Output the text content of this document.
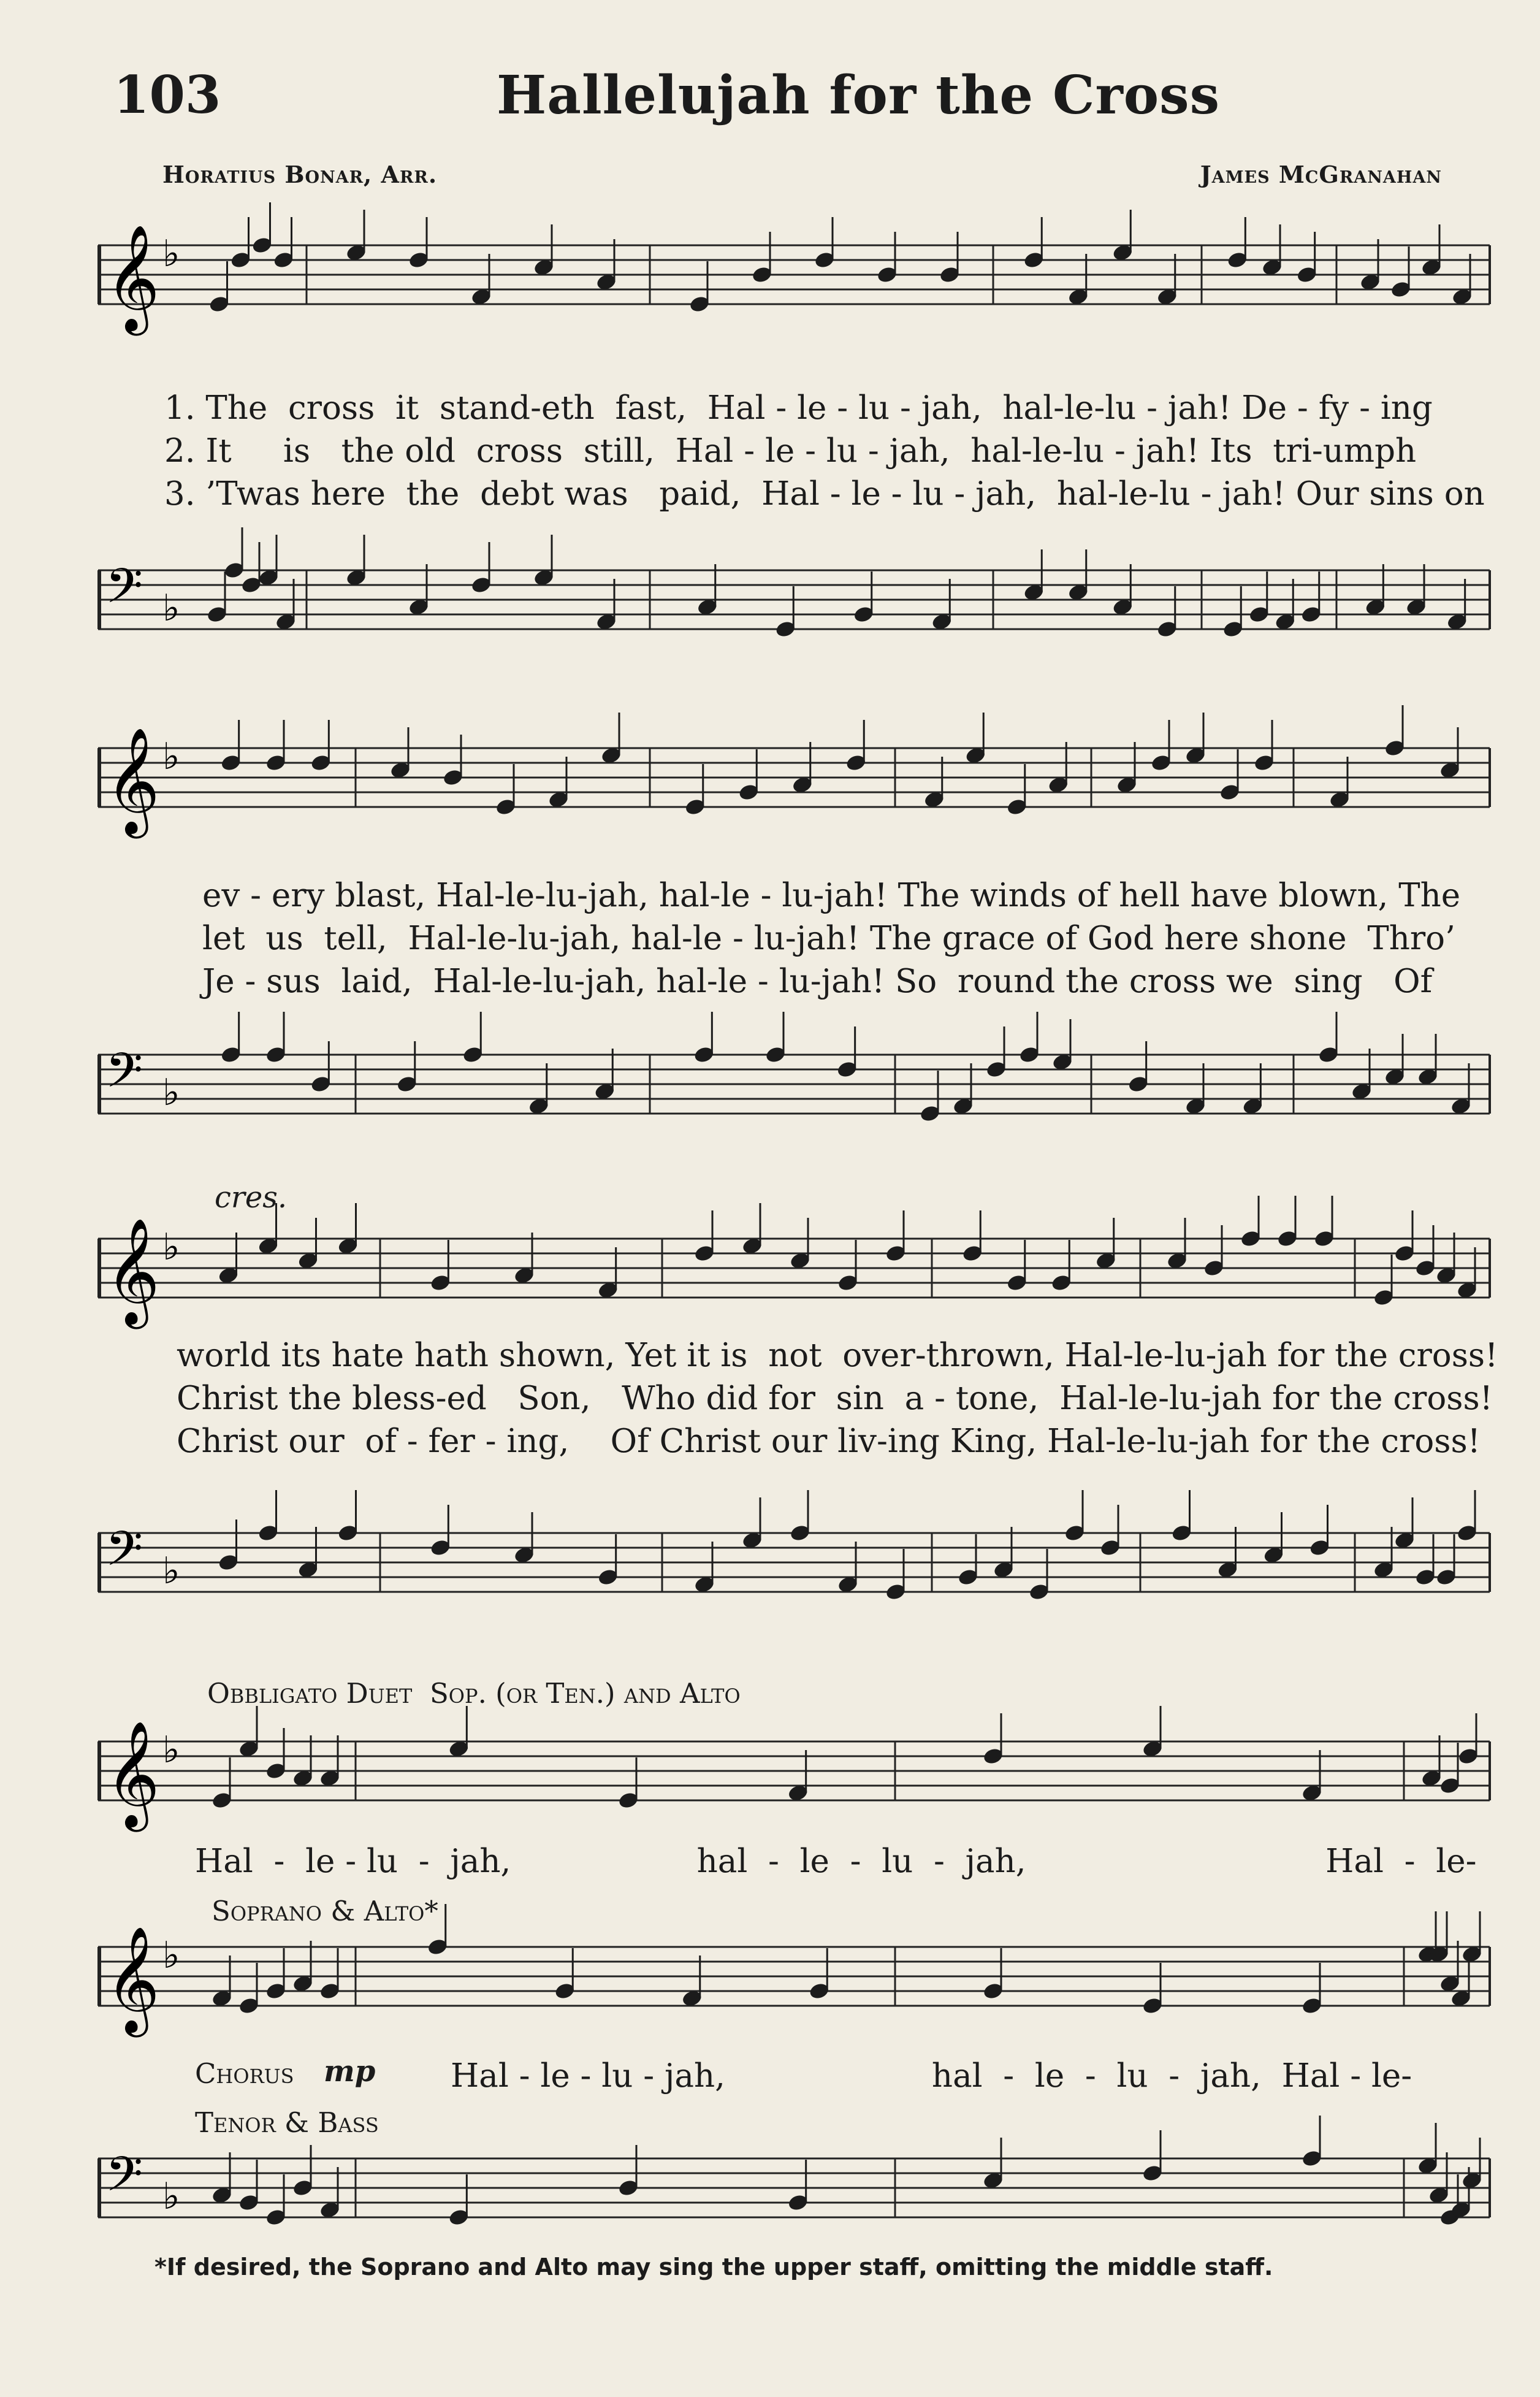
103	Hallelujah for the Cross
Horatius Bonar, Arr.	James McGranahan
𝄞 ♭
𝄢 ♭
1. The  cross  it  stand-eth  fast,  Hal - le - lu - jah,  hal-le-lu - jah! De - fy - ing
2. It     is   the old  cross  still,  Hal - le - lu - jah,  hal-le-lu - jah! Its  tri-umph
3. ’Twas here  the  debt was   paid,  Hal - le - lu - jah,  hal-le-lu - jah! Our sins on
𝄞 ♭
𝄢 ♭
ev - ery blast, Hal-le-lu-jah, hal-le - lu-jah! The winds of hell have blown, The
let  us  tell,  Hal-le-lu-jah, hal-le - lu-jah! The grace of God here shone  Thro’
Je - sus  laid,  Hal-le-lu-jah, hal-le - lu-jah! So  round the cross we  sing   Of
cres.
𝄞 ♭
𝄢 ♭
world its hate hath shown, Yet it is  not  over-thrown, Hal-le-lu-jah for the cross!
Christ the bless-ed   Son,   Who did for  sin  a - tone,  Hal-le-lu-jah for the cross!
Christ our  of - fer - ing,    Of Christ our liv-ing King, Hal-le-lu-jah for the cross!
Obbligato Duet  Sop. (or Ten.) and Alto
𝄞 ♭
Hal  -  le - lu  -  jah,                  hal  -  le  -  lu  -  jah,                             Hal  -  le-
Soprano & Alto*
𝄞 ♭
Chorus mp Hal - le - lu - jah,                    hal  -  le  -  lu  -  jah,  Hal - le-
Tenor & Bass
𝄢 ♭
*If desired, the Soprano and Alto may sing the upper staff, omitting the middle staff.
